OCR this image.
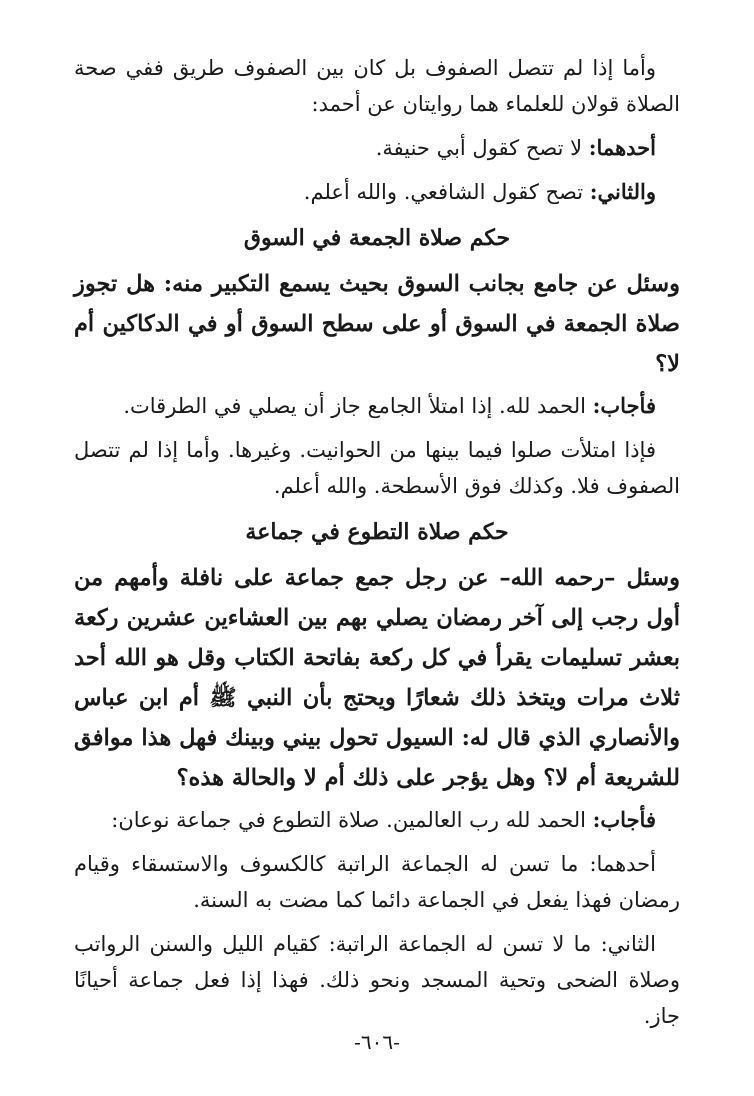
وأما إذا لم تتصل الصفوف بل كان بين الصفوف طريق ففي صحة الصلاة قولان للعلماء هما روايتان عن أحمد:

أحدهما: لا تصح كقول أبي حنيفة.

والثاني: تصح كقول الشافعي. والله أعلم.

حكم صلاة الجمعة في السوق

وسئل عن جامع بجانب السوق بحيث يسمع التكبير منه: هل تجوز صلاة الجمعة في السوق أو على سطح السوق أو في الدكاكين أم لا؟

فأجاب: الحمد لله. إذا امتلأ الجامع جاز أن يصلي في الطرقات.

فإذا امتلأت صلوا فيما بينها من الحوانيت. وغيرها. وأما إذا لم تتصل الصفوف فلا. وكذلك فوق الأسطحة. والله أعلم.

حكم صلاة التطوع في جماعة

وسئل –رحمه الله– عن رجل جمع جماعة على نافلة وأمهم من أول رجب إلى آخر رمضان يصلي بهم بين العشاءين عشرين ركعة بعشر تسليمات يقرأ في كل ركعة بفاتحة الكتاب وقل هو الله أحد ثلاث مرات ويتخذ ذلك شعارًا ويحتج بأن النبي ﷺ أم ابن عباس والأنصاري الذي قال له: السيول تحول بيني وبينك فهل هذا موافق للشريعة أم لا؟ وهل يؤجر على ذلك أم لا والحالة هذه؟

فأجاب: الحمد لله رب العالمين. صلاة التطوع في جماعة نوعان:

أحدهما: ما تسن له الجماعة الراتبة كالكسوف والاستسقاء وقيام رمضان فهذا يفعل في الجماعة دائما كما مضت به السنة.

الثاني: ما لا تسن له الجماعة الراتبة: كقيام الليل والسنن الرواتب وصلاة الضحى وتحية المسجد ونحو ذلك. فهذا إذا فعل جماعة أحيانًا جاز.

-٦٠٦-
